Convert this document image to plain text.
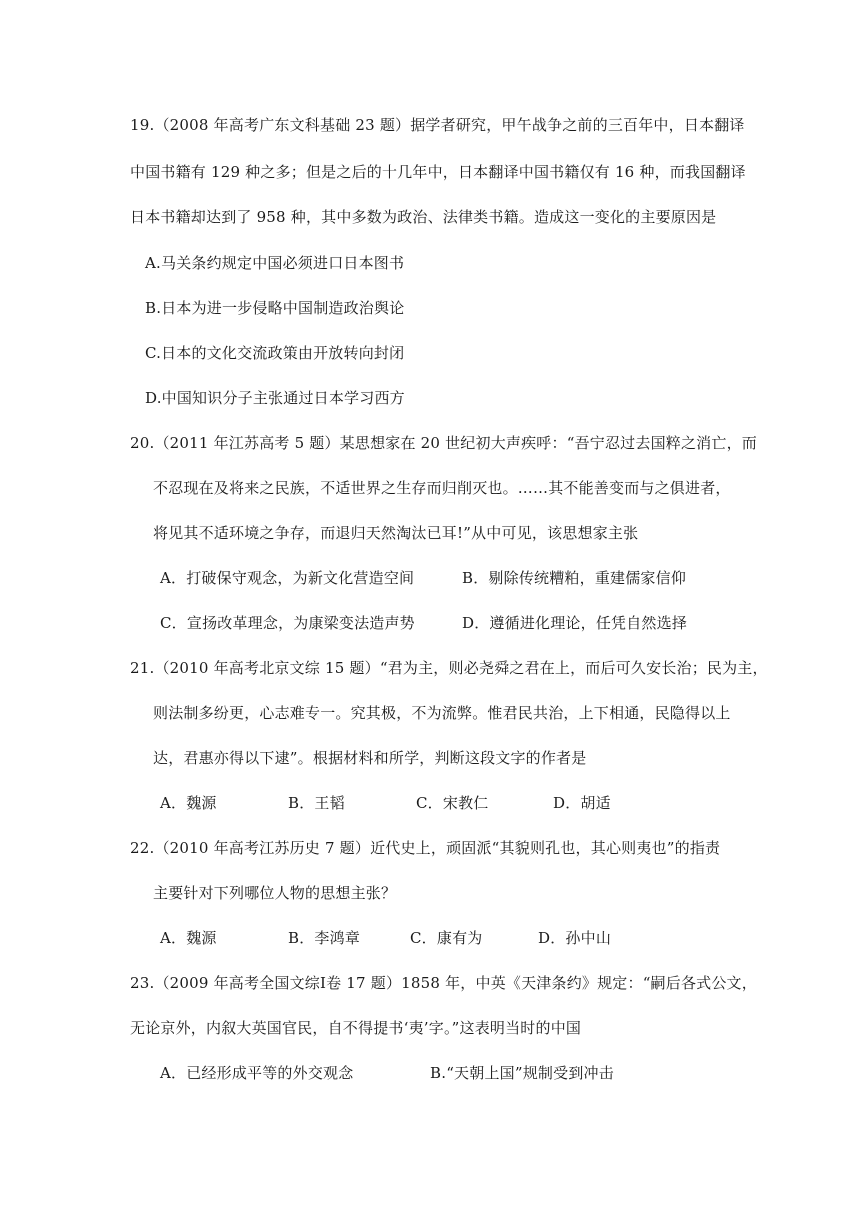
19.（2008 年高考广东文科基础 23 题）据学者研究，甲午战争之前的三百年中，日本翻译
中国书籍有 129 种之多；但是之后的十几年中，日本翻译中国书籍仅有 16 种，而我国翻译
日本书籍却达到了 958 种，其中多数为政治、法律类书籍。造成这一变化的主要原因是
A.马关条约规定中国必须进口日本图书
B.日本为进一步侵略中国制造政治舆论
C.日本的文化交流政策由开放转向封闭
D.中国知识分子主张通过日本学习西方
20.（2011 年江苏高考 5 题）某思想家在 20 世纪初大声疾呼：“吾宁忍过去国粹之消亡，而
不忍现在及将来之民族，不适世界之生存而归削灭也。……其不能善变而与之俱进者，
将见其不适环境之争存，而退归天然淘汰已耳!”从中可见，该思想家主张
A．打破保守观念，为新文化营造空间	B．剔除传统糟粕，重建儒家信仰
C．宣扬改革理念，为康梁变法造声势	D．遵循进化理论，任凭自然选择
21.（2010 年高考北京文综 15 题）“君为主，则必尧舜之君在上，而后可久安长治；民为主，
则法制多纷更，心志难专一。究其极，不为流弊。惟君民共治，上下相通，民隐得以上
达，君惠亦得以下逮”。根据材料和所学，判断这段文字的作者是
A．魏源	B．王韬	C．宋教仁	D．胡适
22.（2010 年高考江苏历史 7 题）近代史上，顽固派“其貌则孔也，其心则夷也”的指责
主要针对下列哪位人物的思想主张？
A．魏源	B．李鸿章	C．康有为	D．孙中山
23.（2009 年高考全国文综Ⅰ卷 17 题）1858 年，中英《天津条约》规定：“嗣后各式公文，
无论京外，内叙大英国官民，自不得提书‘夷’字。”这表明当时的中国
A．已经形成平等的外交观念	B.“天朝上国”规制受到冲击
